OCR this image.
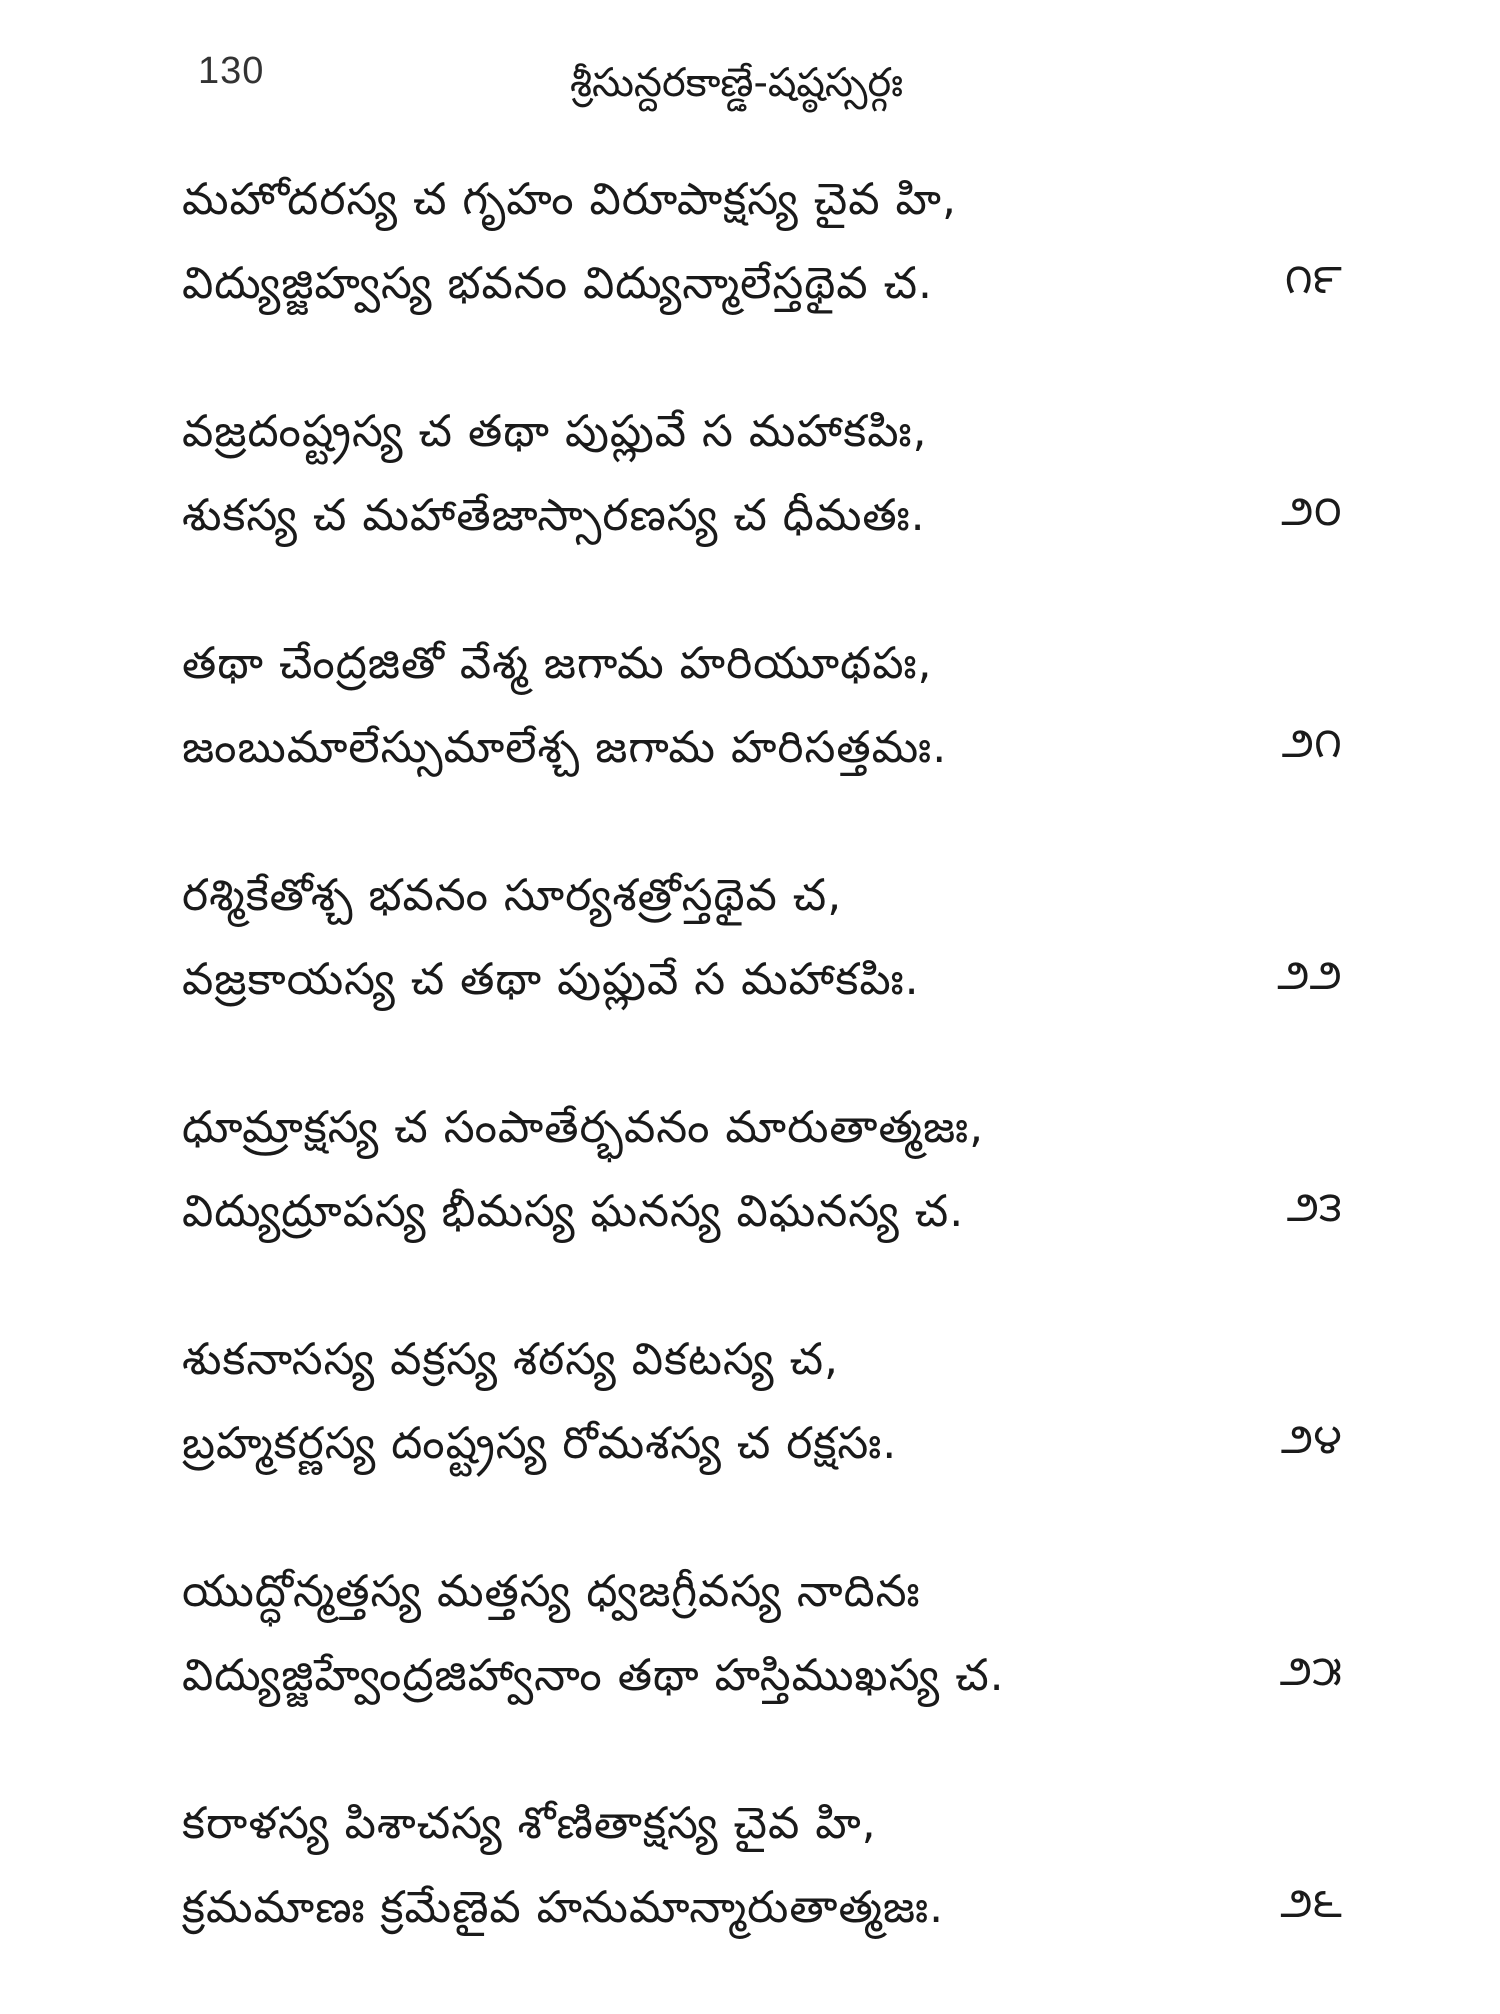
130	శ్రీసున్దరకాణ్డే-షష్ఠస్సర్గః
మహోదరస్య చ గృహం విరూపాక్షస్య చైవ హి,
విద్యుజ్జిహ్వస్య భవనం విద్యున్మాలేస్తథైవ చ.	౧౯
వజ్రదంష్ట్రస్య చ తథా పుప్లువే స మహాకపిః,
శుకస్య చ మహాతేజాస్సారణస్య చ ధీమతః.	౨౦
తథా చేంద్రజితో వేశ్మ జగామ హరియూథపః,
జంబుమాలేస్సుమాలేశ్చ జగామ హరిసత్తమః.	౨౧
రశ్మికేతోశ్చ భవనం సూర్యశత్రోస్తథైవ చ,
వజ్రకాయస్య చ తథా పుప్లువే స మహాకపిః.	౨౨
ధూమ్రాక్షస్య చ సంపాతేర్భవనం మారుతాత్మజః,
విద్యుద్రూపస్య భీమస్య ఘనస్య విఘనస్య చ.	౨౩
శుకనాసస్య వక్రస్య శఠస్య వికటస్య చ,
బ్రహ్మకర్ణస్య దంష్ట్రస్య రోమశస్య చ రక్షసః.	౨౪
యుద్ధోన్మత్తస్య మత్తస్య ధ్వజగ్రీవస్య నాదినః
విద్యుజ్జిహ్వేంద్రజిహ్వానాం తథా హస్తిముఖస్య చ.	౨౫
కరాళస్య పిశాచస్య శోణితాక్షస్య చైవ హి,
క్రమమాణః క్రమేణైవ హనుమాన్మారుతాత్మజః.	౨౬
